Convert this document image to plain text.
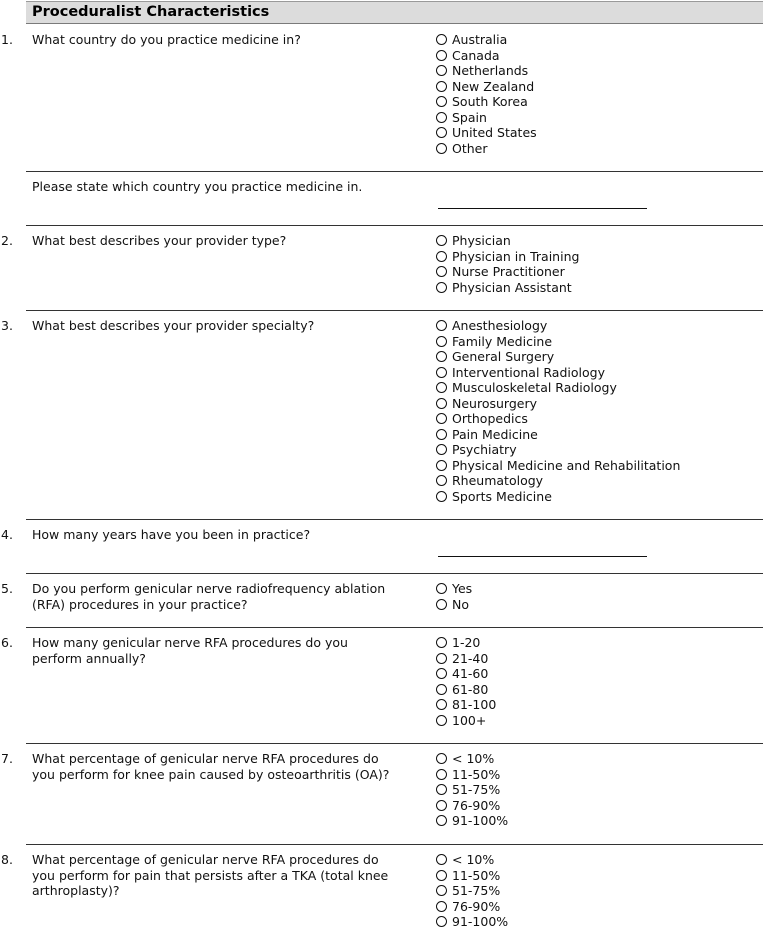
Proceduralist Characteristics
1. What country do you practice medicine in?	Australia
Canada
Netherlands
New Zealand
South Korea
Spain
United States
Other
Please state which country you practice medicine in.
2. What best describes your provider type?	Physician
Physician in Training
Nurse Practitioner
Physician Assistant
3. What best describes your provider specialty?	Anesthesiology
Family Medicine
General Surgery
Interventional Radiology
Musculoskeletal Radiology
Neurosurgery
Orthopedics
Pain Medicine
Psychiatry
Physical Medicine and Rehabilitation
Rheumatology
Sports Medicine
4. How many years have you been in practice?
5. Do you perform genicular nerve radiofrequency ablation (RFA) procedures in your practice?
Yes
No
6. How many genicular nerve RFA procedures do you perform annually?
1-20
21-40
41-60
61-80
81-100
100+
7. What percentage of genicular nerve RFA procedures do you perform for knee pain caused by osteoarthritis (OA)?
< 10%
11-50%
51-75%
76-90%
91-100%
8. What percentage of genicular nerve RFA procedures do you perform for pain that persists after a TKA (total knee arthroplasty)?
< 10%
11-50%
51-75%
76-90%
91-100%
